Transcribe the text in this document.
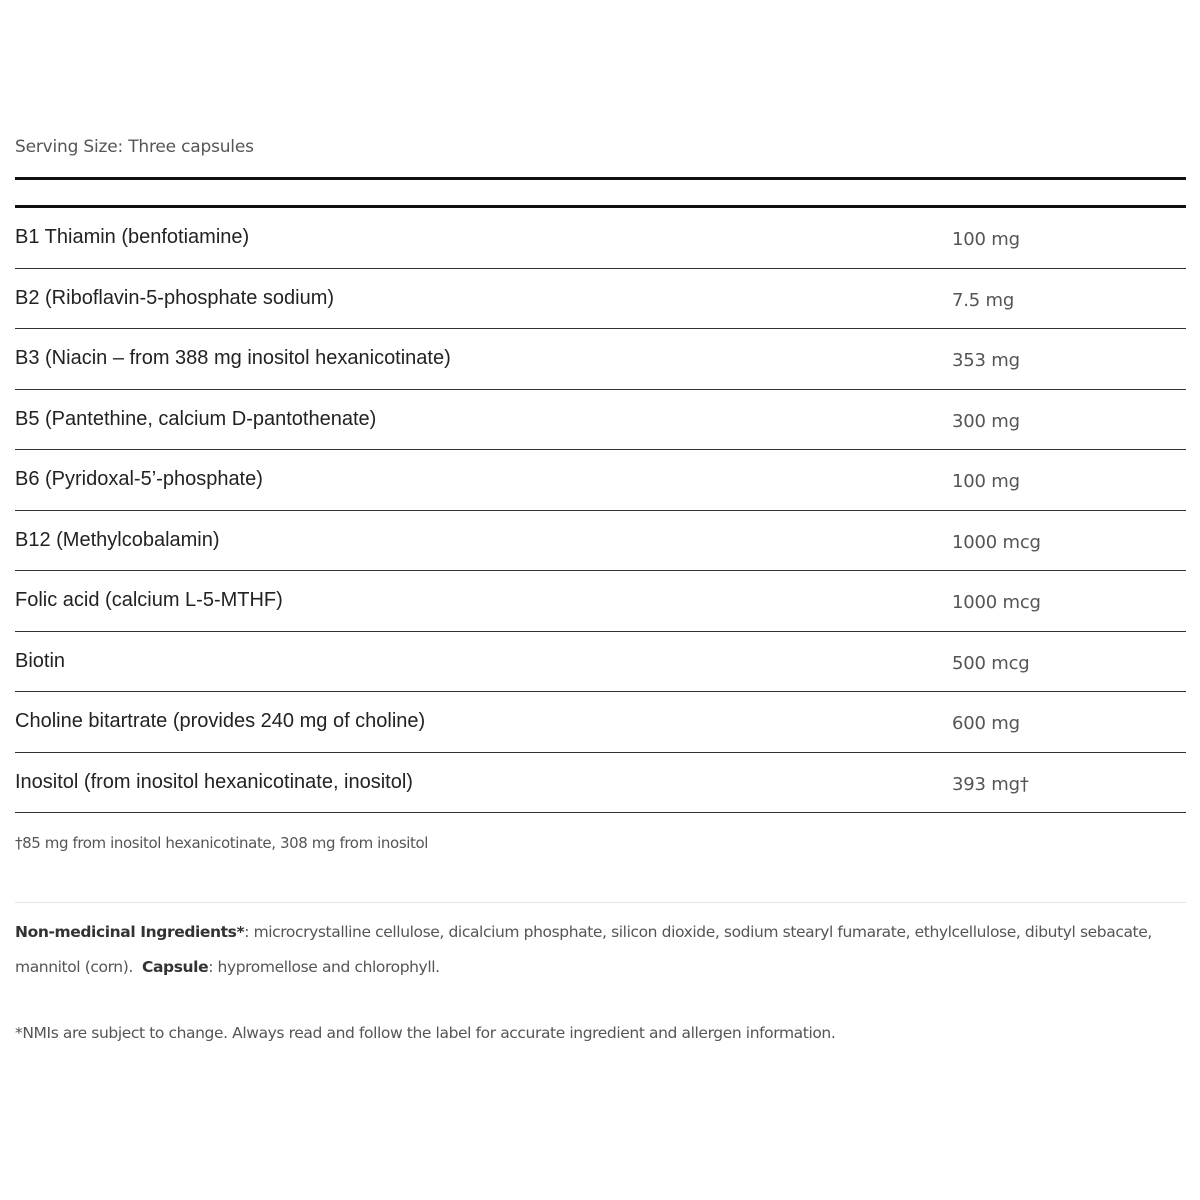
Serving Size: Three capsules
B1 Thiamin (benfotiamine)	100 mg
B2 (Riboflavin-5-phosphate sodium)	7.5 mg
B3 (Niacin – from 388 mg inositol hexanicotinate)	353 mg
B5 (Pantethine, calcium D-pantothenate)	300 mg
B6 (Pyridoxal-5’-phosphate)	100 mg
B12 (Methylcobalamin)	1000 mcg
Folic acid (calcium L-5-MTHF)	1000 mcg
Biotin	500 mcg
Choline bitartrate (provides 240 mg of choline)	600 mg
Inositol (from inositol hexanicotinate, inositol)	393 mg†
†85 mg from inositol hexanicotinate, 308 mg from inositol
Non-medicinal Ingredients*: microcrystalline cellulose, dicalcium phosphate, silicon dioxide, sodium stearyl fumarate, ethylcellulose, dibutyl sebacate, mannitol (corn). Capsule: hypromellose and chlorophyll.
*NMIs are subject to change. Always read and follow the label for accurate ingredient and allergen information.
